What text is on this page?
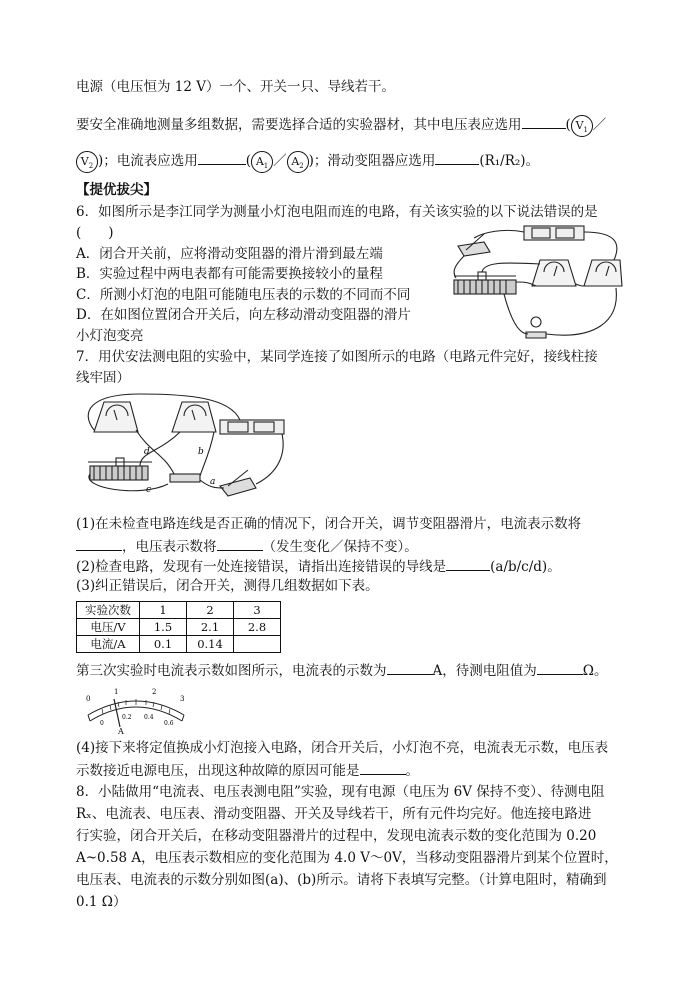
电源（电压恒为 12 V）一个、开关一只、导线若干。
要安全准确地测量多组数据，需要选择合适的实验器材，其中电压表应选用	( $V_1$ ／
$V_2$ )；电流表应选用	( $A_1$ ／ $A_2$ )；滑动变阻器应选用	(R₁/R₂)。
【提优拔尖】
6．如图所示是李江同学为测量小灯泡电阻而连的电路，有关该实验的以下说法错误的是
(　　)
A．闭合开关前，应将滑动变阻器的滑片滑到最左端
B．实验过程中两电表都有可能需要换接较小的量程
C．所测小灯泡的电阻可能随电压表的示数的不同而不同
D．在如图位置闭合开关后，向左移动滑动变阻器的滑片
小灯泡变亮
7．用伏安法测电阻的实验中，某同学连接了如图所示的电路（电路元件完好，接线柱接
线牢固）
d	b
c
a
(1)在未检查电路连线是否正确的情况下，闭合开关，调节变阻器滑片，电流表示数将
，电压表示数将	（发生变化／保持不变）。
(2)检查电路，发现有一处连接错误，请指出连接错误的导线是	(a/b/c/d)。
(3)纠正错误后，闭合开关，测得几组数据如下表。
实验次数	1	2	3
电压/V	1.5	2.1	2.8
电流/A	0.1	0.14	
第三次实验时电流表示数如图所示，电流表的示数为	A，待测电阻值为	Ω。
0
1	2
3
0
0.2 0.4
0.6
A
(4)接下来将定值换成小灯泡接入电路，闭合开关后，小灯泡不亮，电流表无示数，电压表
示数接近电源电压，出现这种故障的原因可能是	。
8．小陆做用“电流表、电压表测电阻”实验，现有电源（电压为 6V 保持不变）、待测电阻
Rₓ、电流表、电压表、滑动变阻器、开关及导线若干，所有元件均完好。他连接电路进
行实验，闭合开关后，在移动变阻器滑片的过程中，发现电流表示数的变化范围为 0.20
A~0.58 A，电压表示数相应的变化范围为 4.0 V～0V，当移动变阻器滑片到某个位置时，
电压表、电流表的示数分别如图(a)、(b)所示。请将下表填写完整。（计算电阻时，精确到
0.1 Ω）
